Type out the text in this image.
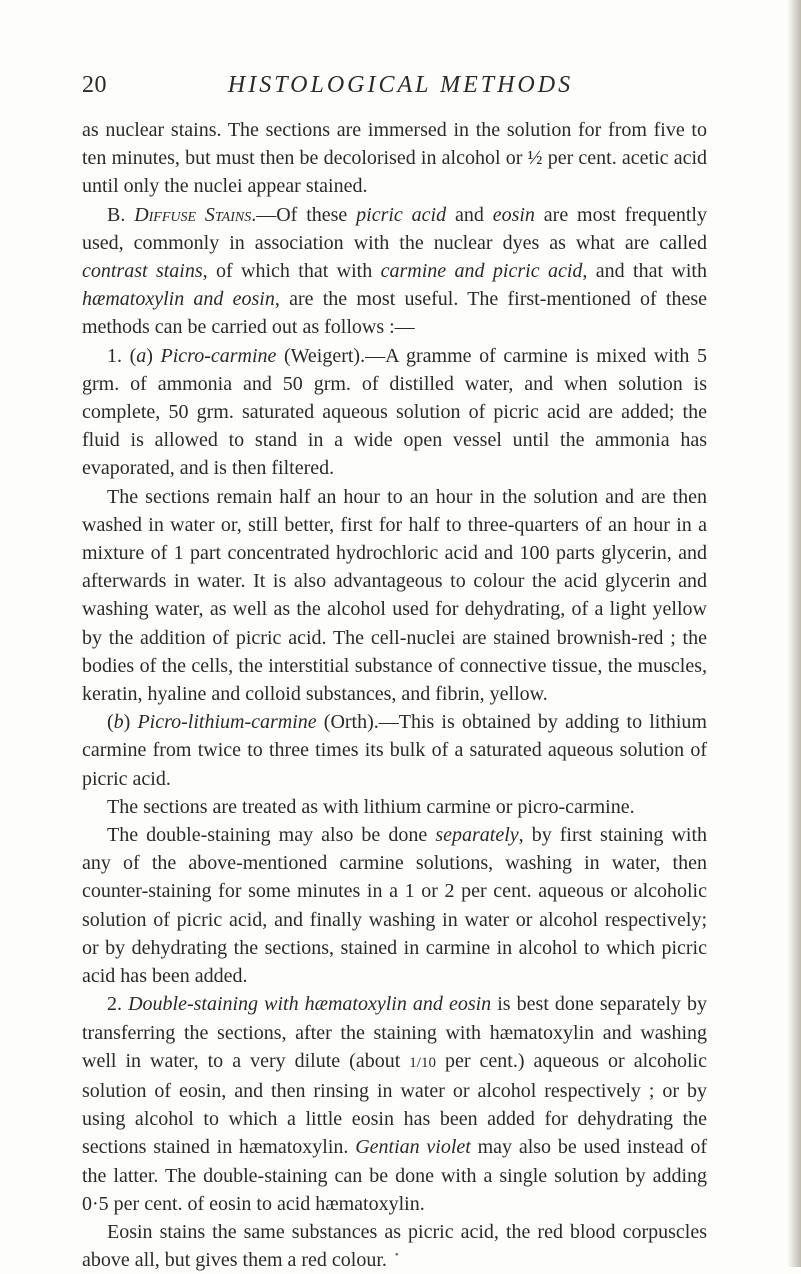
20	HISTOLOGICAL METHODS

as nuclear stains. The sections are immersed in the solution for from five to ten minutes, but must then be decolorised in alcohol or ½ per cent. acetic acid until only the nuclei appear stained.

B. Diffuse Stains.—Of these picric acid and eosin are most frequently used, commonly in association with the nuclear dyes as what are called contrast stains, of which that with carmine and picric acid, and that with hæmatoxylin and eosin, are the most useful. The first-mentioned of these methods can be carried out as follows :—

1. (a) Picro-carmine (Weigert).—A gramme of carmine is mixed with 5 grm. of ammonia and 50 grm. of distilled water, and when solution is complete, 50 grm. saturated aqueous solution of picric acid are added; the fluid is allowed to stand in a wide open vessel until the ammonia has evaporated, and is then filtered.

The sections remain half an hour to an hour in the solution and are then washed in water or, still better, first for half to three-quarters of an hour in a mixture of 1 part concentrated hydrochloric acid and 100 parts glycerin, and afterwards in water. It is also advantageous to colour the acid glycerin and washing water, as well as the alcohol used for dehydrating, of a light yellow by the addition of picric acid. The cell-nuclei are stained brownish-red ; the bodies of the cells, the interstitial substance of connective tissue, the muscles, keratin, hyaline and colloid substances, and fibrin, yellow.

(b) Picro-lithium-carmine (Orth).—This is obtained by adding to lithium carmine from twice to three times its bulk of a saturated aqueous solution of picric acid.

The sections are treated as with lithium carmine or picro-carmine.

The double-staining may also be done separately, by first staining with any of the above-mentioned carmine solutions, washing in water, then counter-staining for some minutes in a 1 or 2 per cent. aqueous or alcoholic solution of picric acid, and finally washing in water or alcohol respectively; or by dehydrating the sections, stained in carmine in alcohol to which picric acid has been added.

2. Double-staining with hæmatoxylin and eosin is best done separately by transferring the sections, after the staining with hæmatoxylin and washing well in water, to a very dilute (about 1/10 per cent.) aqueous or alcoholic solution of eosin, and then rinsing in water or alcohol respectively ; or by using alcohol to which a little eosin has been added for dehydrating the sections stained in hæmatoxylin. Gentian violet may also be used instead of the latter. The double-staining can be done with a single solution by adding 0·5 per cent. of eosin to acid hæmatoxylin.

Eosin stains the same substances as picric acid, the red blood corpuscles above all, but gives them a red colour. •
